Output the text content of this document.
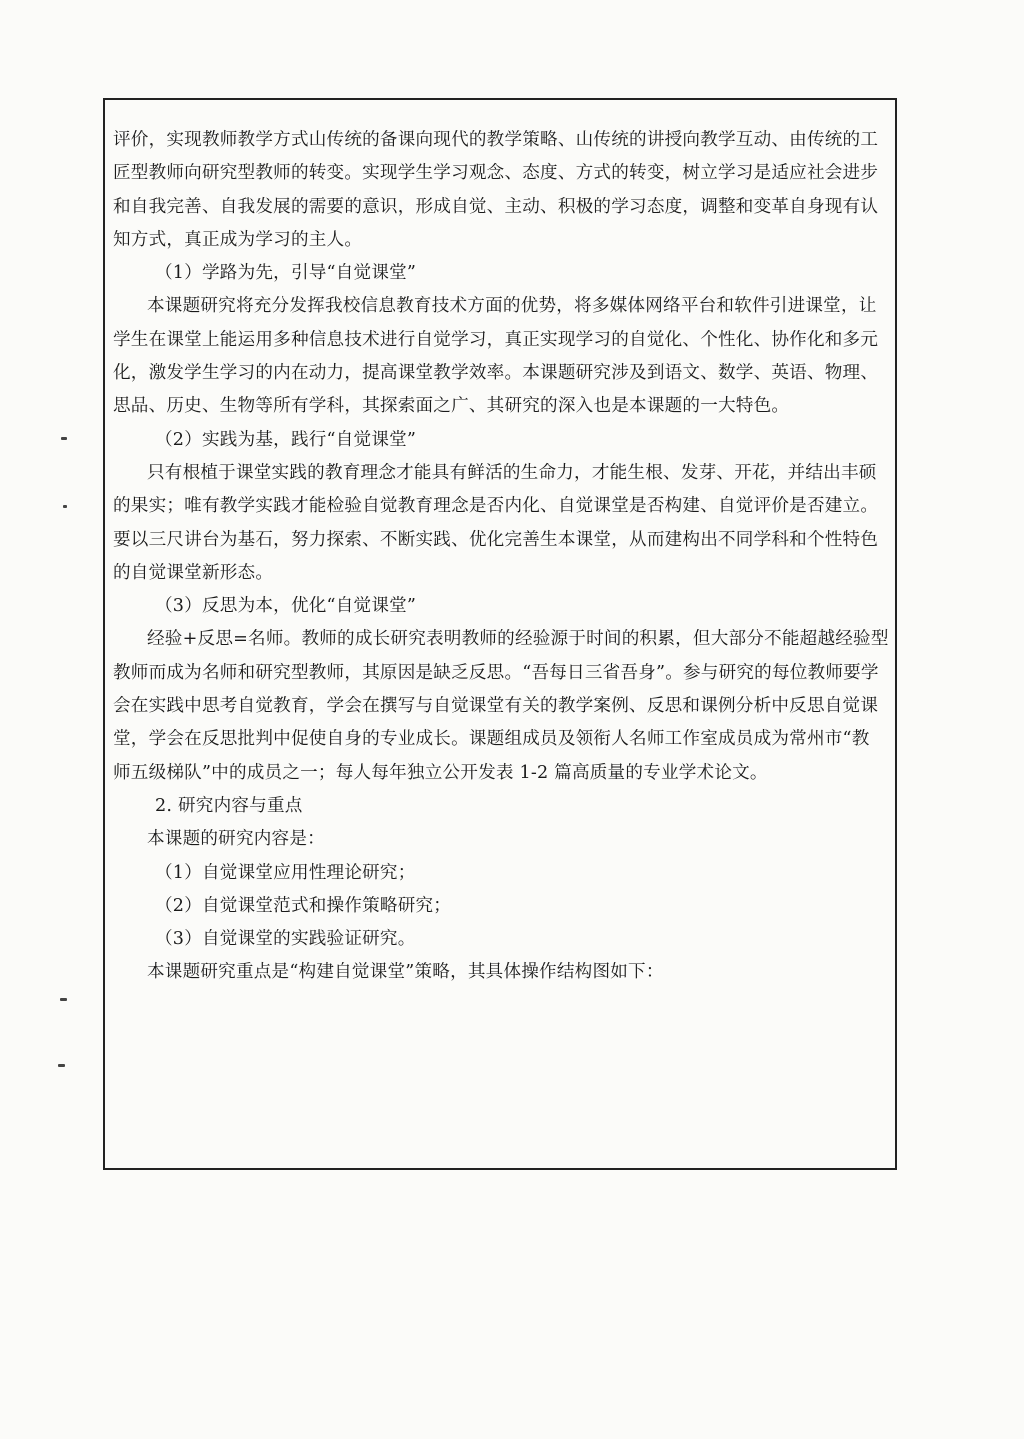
评价，实现教师教学方式山传统的备课向现代的教学策略、山传统的讲授向教学互动、由传统的工
匠型教师向研究型教师的转变。实现学生学习观念、态度、方式的转变，树立学习是适应社会进步
和自我完善、自我发展的需要的意识，形成自觉、主动、积极的学习态度，调整和变革自身现有认
知方式，真正成为学习的主人。
（1）学路为先，引导“自觉课堂”
本课题研究将充分发挥我校信息教育技术方面的优势，将多媒体网络平台和软件引进课堂，让
学生在课堂上能运用多种信息技术进行自觉学习，真正实现学习的自觉化、个性化、协作化和多元
化，激发学生学习的内在动力，提高课堂教学效率。本课题研究涉及到语文、数学、英语、物理、
思品、历史、生物等所有学科，其探索面之广、其研究的深入也是本课题的一大特色。
（2）实践为基，践行“自觉课堂”
只有根植于课堂实践的教育理念才能具有鲜活的生命力，才能生根、发芽、开花，并结出丰硕
的果实；唯有教学实践才能检验自觉教育理念是否内化、自觉课堂是否构建、自觉评价是否建立。
要以三尺讲台为基石，努力探索、不断实践、优化完善生本课堂，从而建构出不同学科和个性特色
的自觉课堂新形态。
（3）反思为本，优化“自觉课堂”
经验+反思=名师。教师的成长研究表明教师的经验源于时间的积累，但大部分不能超越经验型
教师而成为名师和研究型教师，其原因是缺乏反思。“吾每日三省吾身”。参与研究的每位教师要学
会在实践中思考自觉教育，学会在撰写与自觉课堂有关的教学案例、反思和课例分析中反思自觉课
堂，学会在反思批判中促使自身的专业成长。课题组成员及领衔人名师工作室成员成为常州市“教
师五级梯队”中的成员之一；每人每年独立公开发表 1-2 篇高质量的专业学术论文。
2. 研究内容与重点
本课题的研究内容是：
（1）自觉课堂应用性理论研究；
（2）自觉课堂范式和操作策略研究；
（3）自觉课堂的实践验证研究。
本课题研究重点是“构建自觉课堂”策略，其具体操作结构图如下：
